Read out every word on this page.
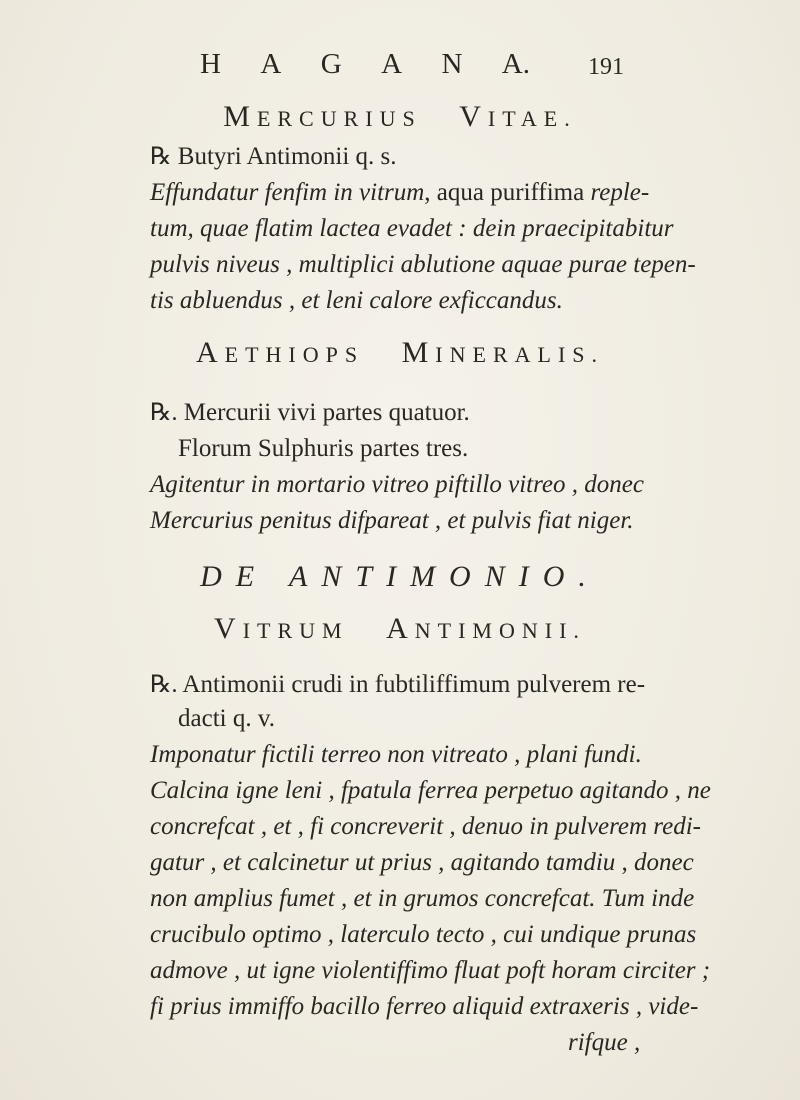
H A G A N A. 191
MERCURIUS VITAE.
℞ Butyri Antimonii q. s.
Effundatur fenfim in vitrum, aqua puriffima reple-
tum, quae flatim lactea evadet : dein praecipitabitur
pulvis niveus , multiplici ablutione aquae purae tepen-
tis abluendus , et leni calore exficcandus.
AETHIOPS MINERALIS.
℞. Mercurii vivi partes quatuor.
Florum Sulphuris partes tres.
Agitentur in mortario vitreo piftillo vitreo , donec
Mercurius penitus difpareat , et pulvis fiat niger.
DE ANTIMONIO.
VITRUM ANTIMONII.
℞. Antimonii crudi in fubtiliffimum pulverem re-
dacti q. v.
Imponatur fictili terreo non vitreato , plani fundi.
Calcina igne leni , fpatula ferrea perpetuo agitando , ne
concrefcat , et , fi concreverit , denuo in pulverem redi-
gatur , et calcinetur ut prius , agitando tamdiu , donec
non amplius fumet , et in grumos concrefcat. Tum inde
crucibulo optimo , laterculo tecto , cui undique prunas
admove , ut igne violentiffimo fluat poft horam circiter ;
fi prius immiffo bacillo ferreo aliquid extraxeris , vide-
rifque ,
